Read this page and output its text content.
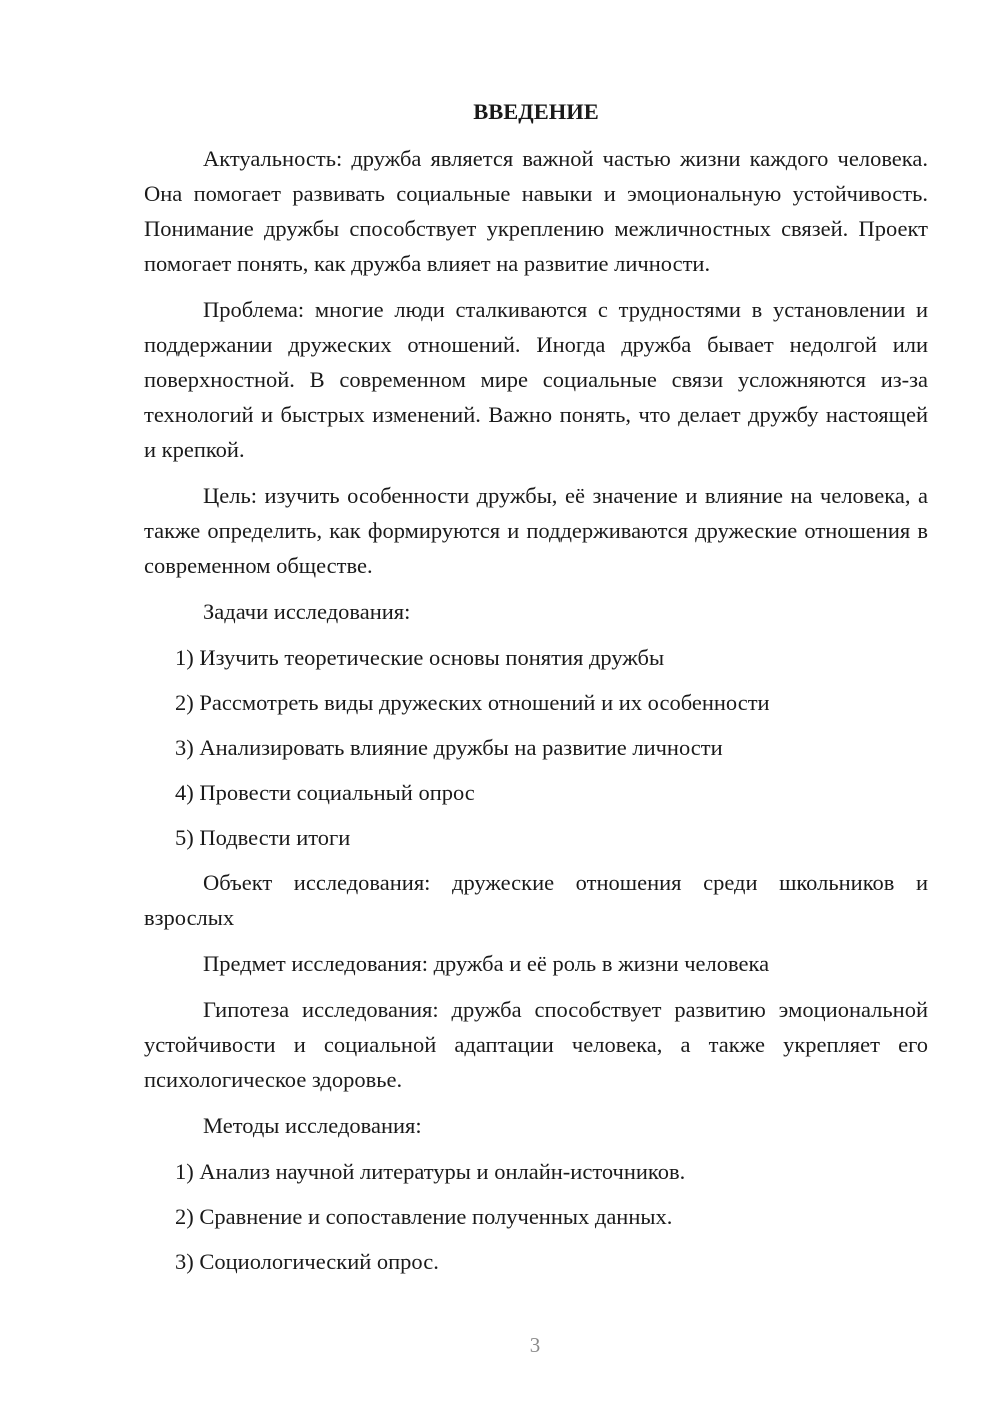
ВВЕДЕНИЕ

Актуальность: дружба является важной частью жизни каждого человека. Она помогает развивать социальные навыки и эмоциональную устойчивость. Понимание дружбы способствует укреплению межличностных связей. Проект помогает понять, как дружба влияет на развитие личности.

Проблема: многие люди сталкиваются с трудностями в установлении и поддержании дружеских отношений. Иногда дружба бывает недолгой или поверхностной. В современном мире социальные связи усложняются из-за технологий и быстрых изменений. Важно понять, что делает дружбу настоящей и крепкой.

Цель: изучить особенности дружбы, её значение и влияние на человека, а также определить, как формируются и поддерживаются дружеские отношения в современном обществе.

Задачи исследования:

1) Изучить теоретические основы понятия дружбы
2) Рассмотреть виды дружеских отношений и их особенности
3) Анализировать влияние дружбы на развитие личности
4) Провести социальный опрос
5) Подвести итоги

Объект исследования: дружеские отношения среди школьников и взрослых

Предмет исследования: дружба и её роль в жизни человека

Гипотеза исследования: дружба способствует развитию эмоциональной устойчивости и социальной адаптации человека, а также укрепляет его психологическое здоровье.

Методы исследования:

1) Анализ научной литературы и онлайн-источников.
2) Сравнение и сопоставление полученных данных.
3) Социологический опрос.
3
